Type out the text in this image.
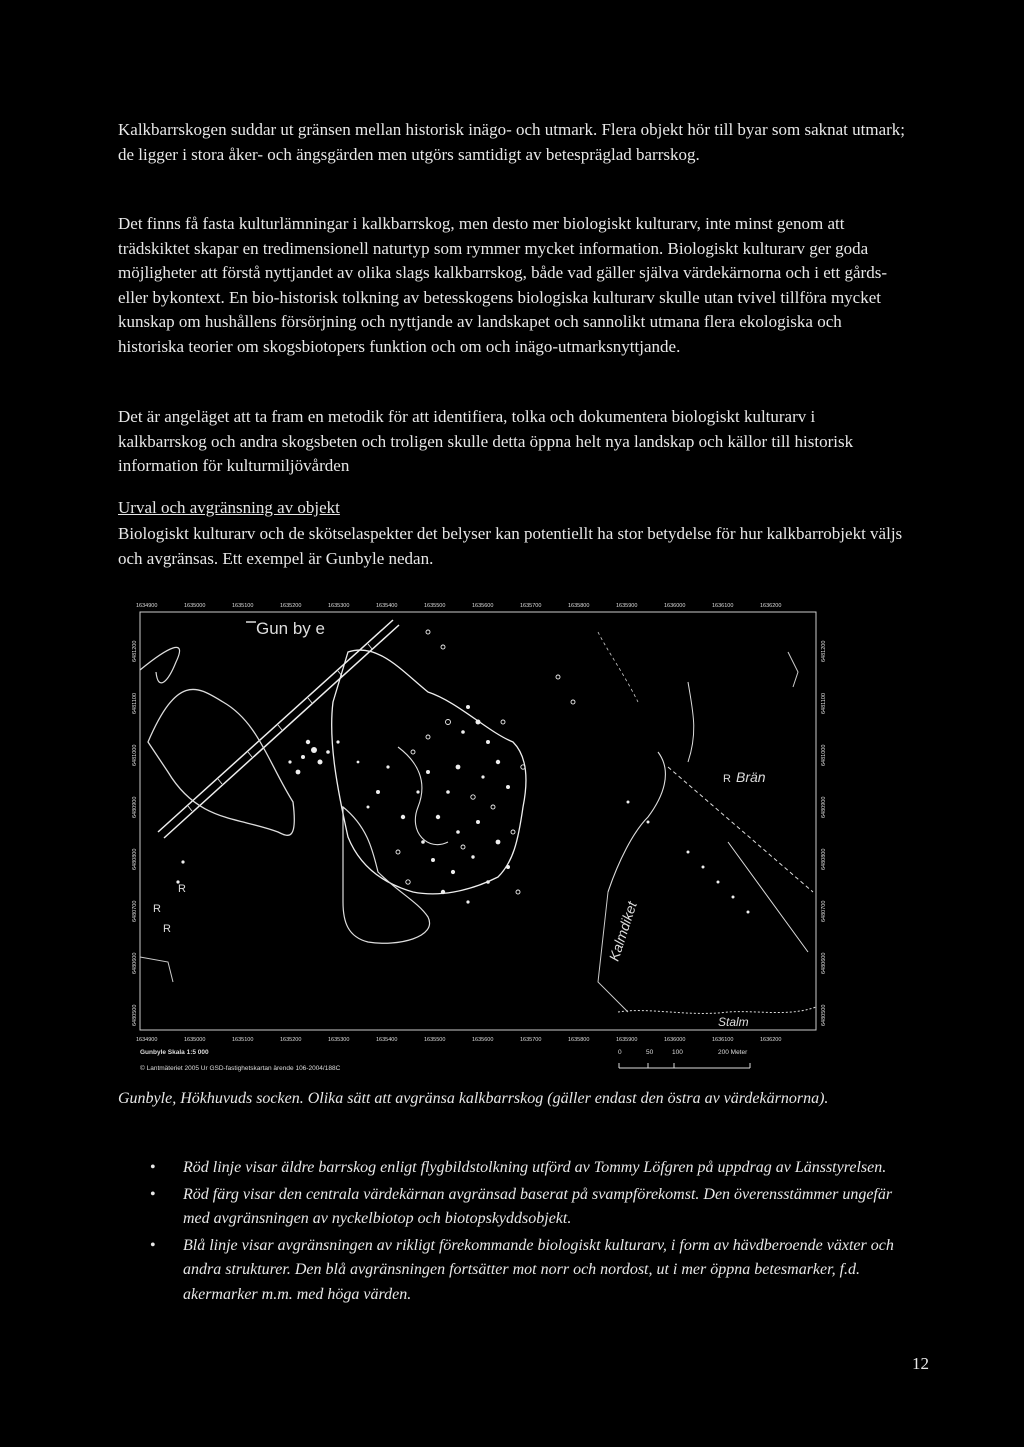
Kalkbarrskogen suddar ut gränsen mellan historisk inägo- och utmark. Flera objekt hör till byar som saknat utmark; de ligger i stora åker- och ängsgärden men utgörs samtidigt av betespräglad barrskog.

Det finns få fasta kulturlämningar i kalkbarrskog, men desto mer biologiskt kulturarv, inte minst genom att trädskiktet skapar en tredimensionell naturtyp som rymmer mycket information. Biologiskt kulturarv ger goda möjligheter att förstå nyttjandet av olika slags kalkbarrskog, både vad gäller själva värdekärnorna och i ett gårds- eller bykontext. En bio-historisk tolkning av betesskogens biologiska kulturarv skulle utan tvivel tillföra mycket kunskap om hushållens försörjning och nyttjande av landskapet och sannolikt utmana flera ekologiska och historiska teorier om skogsbiotopers funktion och om och inägo-utmarksnyttjande.

Det är angeläget att ta fram en metodik för att identifiera, tolka och dokumentera biologiskt kulturarv i kalkbarrskog och andra skogsbeten och troligen skulle detta öppna helt nya landskap och källor till historisk information för kulturmiljövården

Urval och avgränsning av objekt

Biologiskt kulturarv och de skötselaspekter det belyser kan potentiellt ha stor betydelse för hur kalkbarrobjekt väljs och avgränsas. Ett exempel är Gunbyle nedan.

1634900	1635000	1635100	1635200	1635300	1635400	1635500	1635600	1635700	1635800	1635900	1636000	1636100	1636200
1634900	1635000	1635100	1635200	1635300	1635400	1635500	1635600	1635700	1635800	1635900	1636000	1636100	1636200
6481200
6481100
6481000
6480900
6480800
6480700
6480600
6480500
6481200
6481100
6481000
6480900
6480800
6480700
6480600
6480500
Gun by e
Brän
Kalmdiket
Stalm
R
R
R
R
Gunbyle Skala 1:5 000
© Lantmäteriet 2005 Ur GSD-fastighetskartan ärende 106-2004/188C
0	50	100	200 Meter

Gunbyle, Hökhuvuds socken. Olika sätt att avgränsa kalkbarrskog (gäller endast den östra av värdekärnorna).

• Röd linje visar äldre barrskog enligt flygbildstolkning utförd av Tommy Löfgren på uppdrag av Länsstyrelsen.
• Röd färg visar den centrala värdekärnan avgränsad baserat på svampförekomst. Den överensstämmer ungefär med avgränsningen av nyckelbiotop och biotopskyddsobjekt.
• Blå linje visar avgränsningen av rikligt förekommande biologiskt kulturarv, i form av hävdberoende växter och andra strukturer. Den blå avgränsningen fortsätter mot norr och nordost, ut i mer öppna betesmarker, f.d. akermarker m.m. med höga värden.
12
